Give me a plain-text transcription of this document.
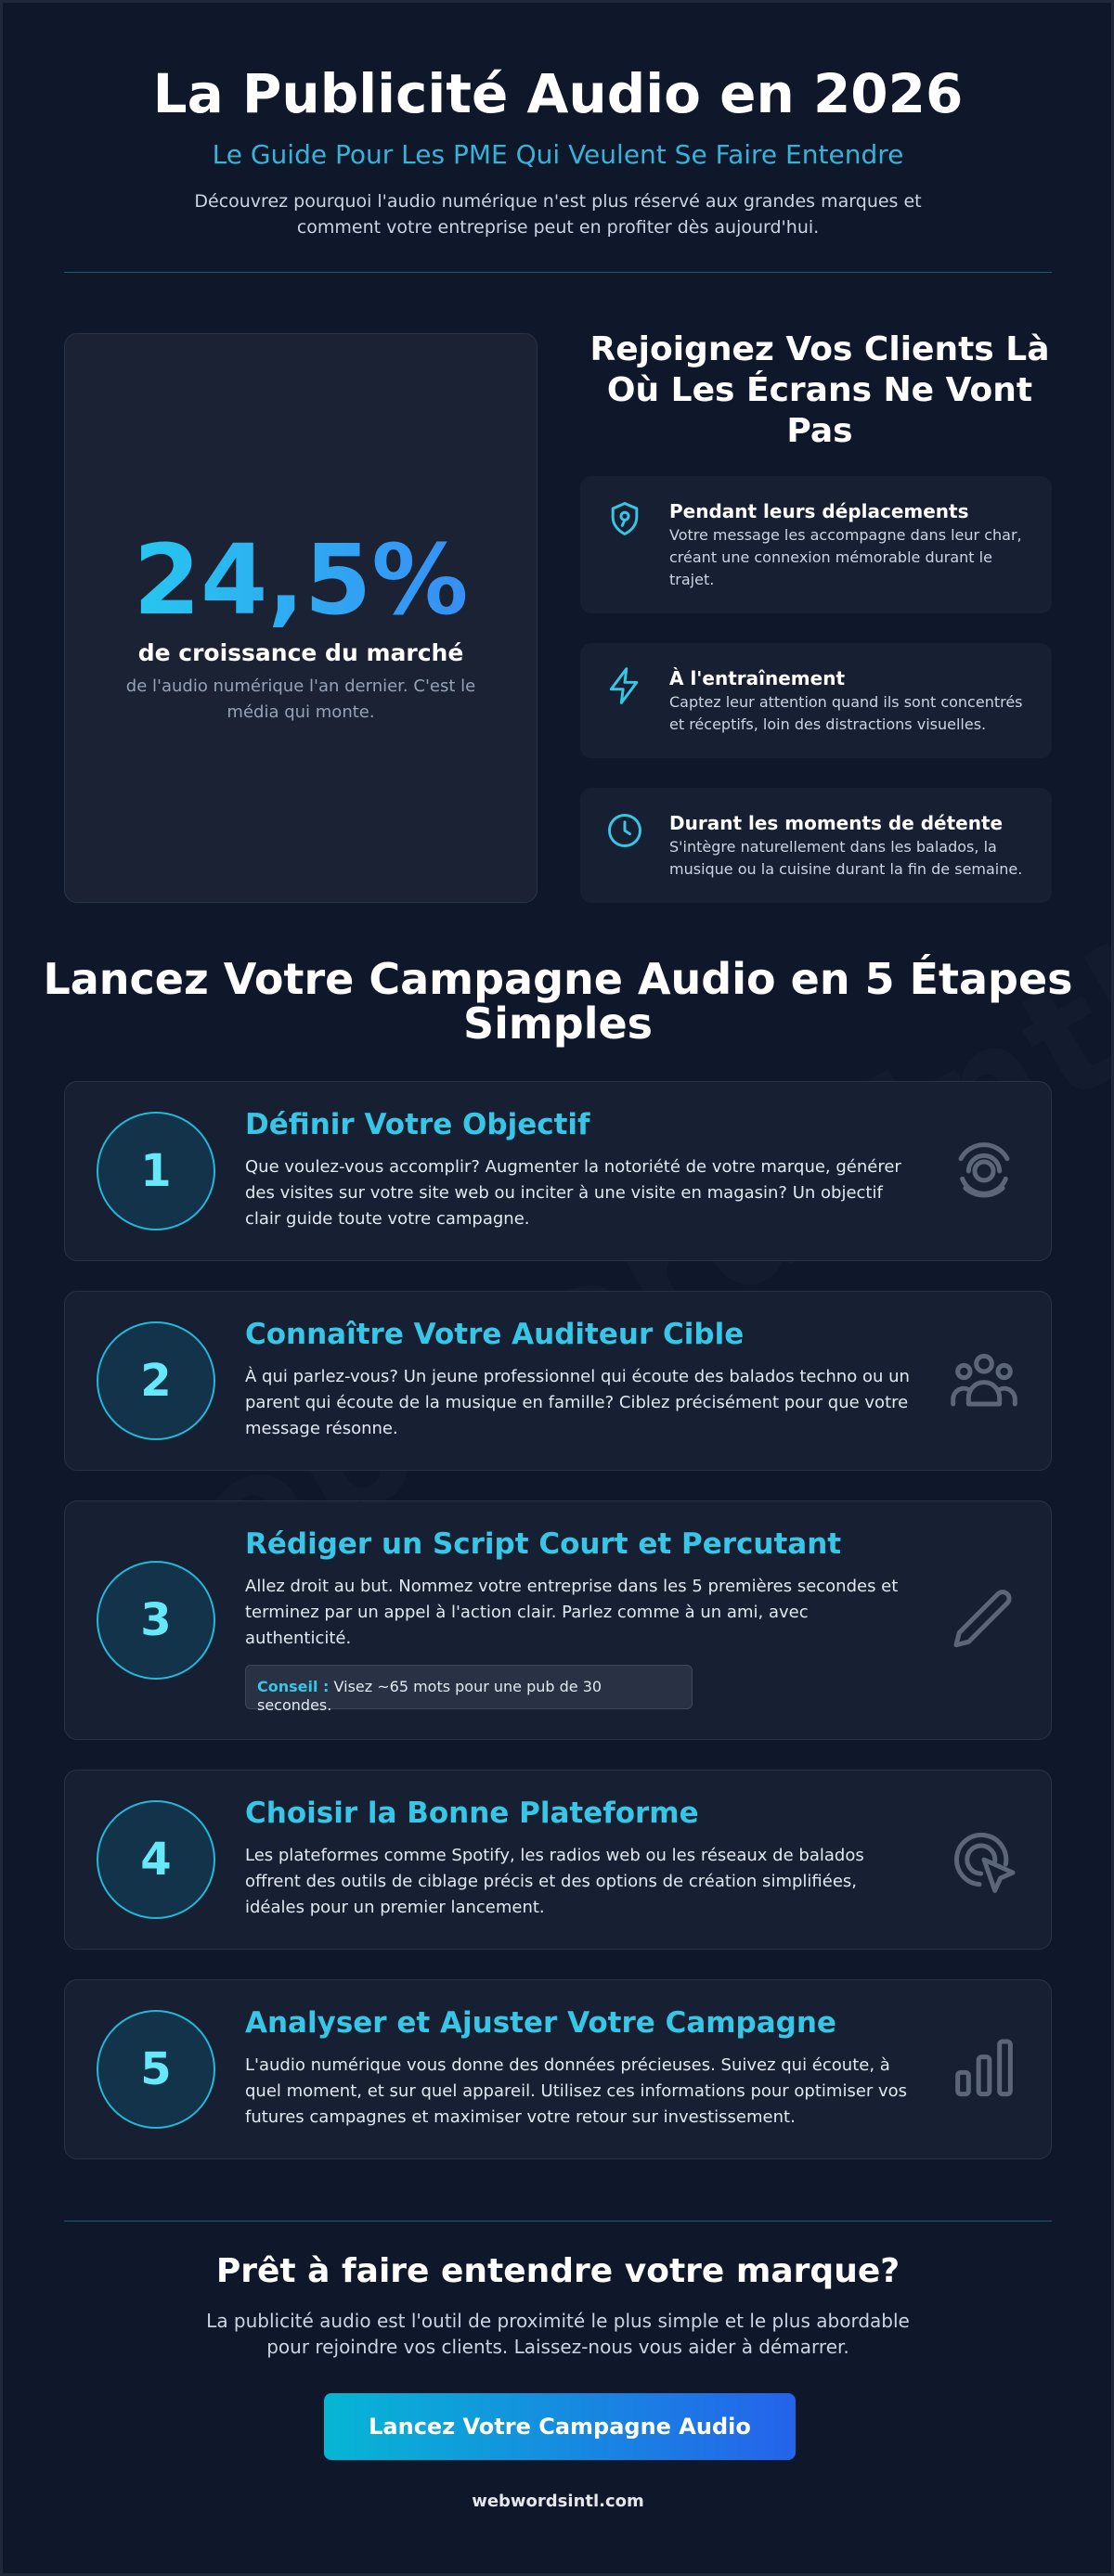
La Publicité Audio en 2026
Le Guide Pour Les PME Qui Veulent Se Faire Entendre
Découvrez pourquoi l'audio numérique n'est plus réservé aux grandes marques et comment votre entreprise peut en profiter dès aujourd'hui.
24,5%
de croissance du marché
de l'audio numérique l'an dernier. C'est le média qui monte.
Rejoignez Vos Clients Là Où Les Écrans Ne Vont Pas
Pendant leurs déplacements
Votre message les accompagne dans leur char, créant une connexion mémorable durant le trajet.
À l'entraînement
Captez leur attention quand ils sont concentrés et réceptifs, loin des distractions visuelles.
Durant les moments de détente
S'intègre naturellement dans les balados, la musique ou la cuisine durant la fin de semaine.
Lancez Votre Campagne Audio en 5 Étapes Simples
1
Définir Votre Objectif
Que voulez-vous accomplir? Augmenter la notoriété de votre marque, générer des visites sur votre site web ou inciter à une visite en magasin? Un objectif clair guide toute votre campagne.
2
Connaître Votre Auditeur Cible
À qui parlez-vous? Un jeune professionnel qui écoute des balados techno ou un parent qui écoute de la musique en famille? Ciblez précisément pour que votre message résonne.
3
Rédiger un Script Court et Percutant
Allez droit au but. Nommez votre entreprise dans les 5 premières secondes et terminez par un appel à l'action clair. Parlez comme à un ami, avec authenticité.
Conseil : Visez ~65 mots pour une pub de 30 secondes.
4
Choisir la Bonne Plateforme
Les plateformes comme Spotify, les radios web ou les réseaux de balados offrent des outils de ciblage précis et des options de création simplifiées, idéales pour un premier lancement.
5
Analyser et Ajuster Votre Campagne
L'audio numérique vous donne des données précieuses. Suivez qui écoute, à quel moment, et sur quel appareil. Utilisez ces informations pour optimiser vos futures campagnes et maximiser votre retour sur investissement.
Prêt à faire entendre votre marque?
La publicité audio est l'outil de proximité le plus simple et le plus abordable pour rejoindre vos clients. Laissez-nous vous aider à démarrer.
Lancez Votre Campagne Audio
webwordsintl.com
